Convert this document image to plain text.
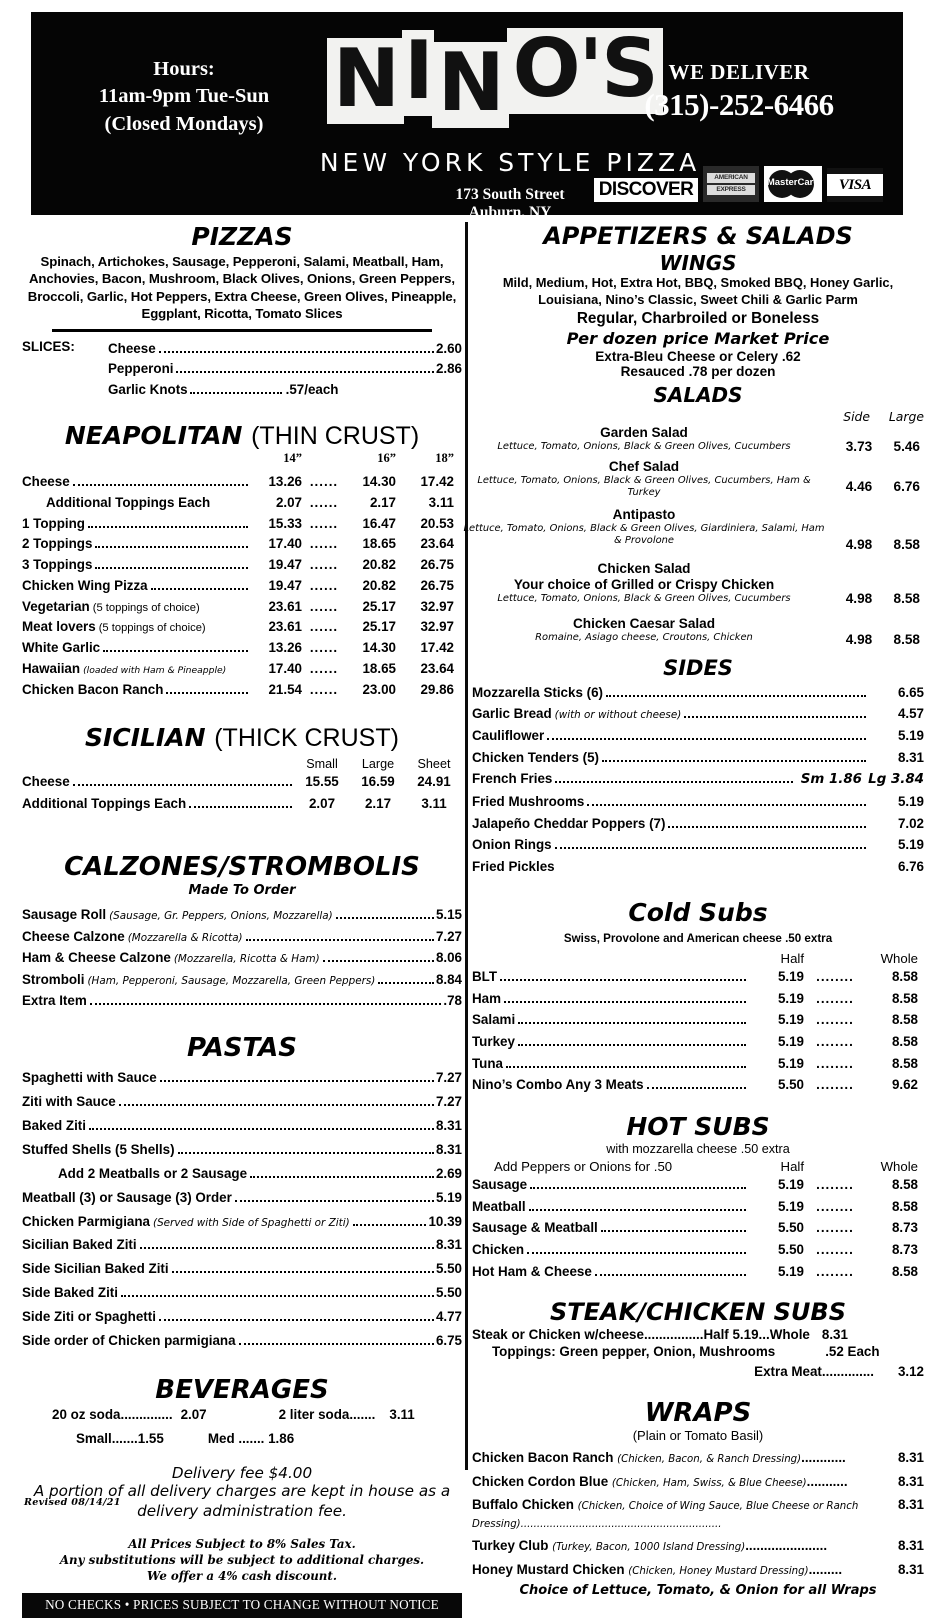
Hours:
11am-9pm Tue-Sun
(Closed Mondays) N I N O'S
NEW YORK STYLE PIZZA
173 South Street
Auburn, NY
WE DELIVER
(315)-252-6466
DISCOVER
AMERICAN
EXPRESS
MasterCard VISA
PIZZAS
Spinach, Artichokes, Sausage, Pepperoni, Salami, Meatball, Ham, Anchovies, Bacon, Mushroom, Black Olives, Onions, Green Peppers, Broccoli, Garlic, Hot Peppers, Extra Cheese, Green Olives, Pineapple, Eggplant, Ricotta, Tomato Slices
SLICES: Cheese	2.60
Pepperoni	2.86
Garlic Knots	.57/each
NEAPOLITAN (THIN CRUST)
14”	16”	18”
Cheese	13.26 ......	14.30	17.42
Additional Toppings Each	2.07 ......	2.17	3.11
1 Topping	15.33 ......	16.47	20.53
2 Toppings	17.40 ......	18.65	23.64
3 Toppings	19.47 ......	20.82	26.75
Chicken Wing Pizza	19.47 ......	20.82	26.75
Vegetarian (5 toppings of choice)	23.61 ......	25.17	32.97
Meat lovers (5 toppings of choice)	23.61 ......	25.17	32.97
White Garlic	13.26 ......	14.30	17.42
Hawaiian (loaded with Ham & Pineapple)	17.40 ......	18.65	23.64
Chicken Bacon Ranch	21.54 ......	23.00	29.86
SICILIAN (THICK CRUST)
Small	Large	Sheet
Cheese	15.55	16.59	24.91
Additional Toppings Each	2.07	2.17	3.11
CALZONES/STROMBOLIS
Made To Order
Sausage Roll (Sausage, Gr. Peppers, Onions, Mozzarella)	5.15
Cheese Calzone (Mozzarella & Ricotta)	7.27
Ham & Cheese Calzone (Mozzarella, Ricotta & Ham)	8.06
Stromboli (Ham, Pepperoni, Sausage, Mozzarella, Green Peppers)	8.84
Extra Item	.78
PASTAS
Spaghetti with Sauce	7.27
Ziti with Sauce	7.27
Baked Ziti	8.31
Stuffed Shells (5 Shells)	8.31
Add 2 Meatballs or 2 Sausage	2.69
Meatball (3) or Sausage (3) Order	5.19
Chicken Parmigiana (Served with Side of Spaghetti or Ziti)	10.39
Sicilian Baked Ziti	8.31
Side Sicilian Baked Ziti	5.50
Side Baked Ziti	5.50
Side Ziti or Spaghetti	4.77
Side order of Chicken parmigiana	6.75
BEVERAGES
20 oz soda .............. 2.07	2 liter soda ....... 3.11
Small.......1.55	Med ....... 1.86
Delivery fee $4.00
A portion of all delivery charges are kept in house as a delivery administration fee.
All Prices Subject to 8% Sales Tax.
Any substitutions will be subject to additional charges.
We offer a 4% cash discount.
NO CHECKS • PRICES SUBJECT TO CHANGE WITHOUT NOTICE
APPETIZERS & SALADS
WINGS
Mild, Medium, Hot, Extra Hot, BBQ, Smoked BBQ, Honey Garlic,
Louisiana, Nino’s Classic, Sweet Chili & Garlic Parm
Regular, Charbroiled or Boneless
Per dozen price Market Price
Extra-Bleu Cheese or Celery .62
Resauced .78 per dozen
SALADS
Side Large
Garden Salad
Lettuce, Tomato, Onions, Black & Green Olives, Cucumbers	3.73 5.46
Chef Salad
Lettuce, Tomato, Onions, Black & Green Olives, Cucumbers, Ham &
Turkey	4.46 6.76
Antipasto
Lettuce, Tomato, Onions, Black & Green Olives, Giardiniera, Salami, Ham
& Provolone	4.98 8.58
Chicken Salad
Your choice of Grilled or Crispy Chicken
Lettuce, Tomato, Onions, Black & Green Olives, Cucumbers	4.98 8.58
Chicken Caesar Salad
Romaine, Asiago cheese, Croutons, Chicken	4.98 8.58
SIDES
Mozzarella Sticks (6)	6.65
Garlic Bread (with or without cheese)	4.57
Cauliflower	5.19
Chicken Tenders (5)	8.31
French Fries	Sm 1.86 Lg 3.84
Fried Mushrooms	5.19
Jalapeño Cheddar Poppers (7)	7.02
Onion Rings	5.19
Fried Pickles	6.76
Cold Subs
Swiss, Provolone and American cheese .50 extra
Half	Whole
BLT	5.19 ........	8.58
Ham	5.19 ........	8.58
Salami	5.19 ........	8.58
Turkey	5.19 ........	8.58
Tuna	5.19 ........	8.58
Nino’s Combo Any 3 Meats	5.50 ........	9.62
HOT SUBS
with mozzarella cheese .50 extra
Add Peppers or Onions for .50	Half	Whole
Sausage	5.19 ........	8.58
Meatball	5.19 ........	8.58
Sausage & Meatball	5.50 ........	8.73
Chicken	5.50 ........	8.73
Hot Ham & Cheese	5.19 ........	8.58
STEAK/CHICKEN SUBS
Steak or Chicken w/cheese ................ Half 5.19...Whole 8.31
Toppings: Green pepper, Onion, Mushrooms	.52 Each
Extra Meat ..............	3.12
WRAPS
(Plain or Tomato Basil)
Chicken Bacon Ranch (Chicken, Bacon, & Ranch Dressing)............	8.31
Chicken Cordon Blue (Chicken, Ham, Swiss, & Blue Cheese)...........	8.31
Buffalo Chicken (Chicken, Choice of Wing Sauce, Blue Cheese or Ranch Dressing)..............................................................
8.31
Turkey Club (Turkey, Bacon, 1000 Island Dressing)......................	8.31
Honey Mustard Chicken (Chicken, Honey Mustard Dressing).........	8.31
Choice of Lettuce, Tomato, & Onion for all Wraps
Revised 08/14/21
